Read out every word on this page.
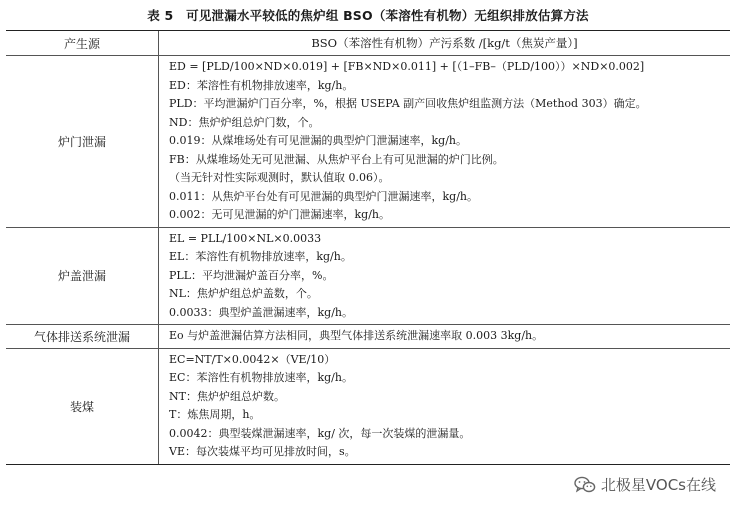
表 5　可见泄漏水平较低的焦炉组 BSO（苯溶性有机物）无组织排放估算方法
产生源	BSO（苯溶性有机物）产污系数 /[kg/t（焦炭产量）]
炉门泄漏
ED = [PLD/100×ND×0.019] + [FB×ND×0.011] + [（1–FB–（PLD/100））×ND×0.002]
ED：苯溶性有机物排放速率，kg/h。
PLD：平均泄漏炉门百分率，%，根据 USEPA 副产回收焦炉组监测方法（Method 303）确定。
ND：焦炉炉组总炉门数，个。
0.019：从煤堆场处有可见泄漏的典型炉门泄漏速率，kg/h。
FB：从煤堆场处无可见泄漏、从焦炉平台上有可见泄漏的炉门比例。
（当无针对性实际观测时，默认值取 0.06）。
0.011：从焦炉平台处有可见泄漏的典型炉门泄漏速率，kg/h。
0.002：无可见泄漏的炉门泄漏速率，kg/h。
炉盖泄漏
EL = PLL/100×NL×0.0033
EL：苯溶性有机物排放速率，kg/h。
PLL：平均泄漏炉盖百分率，%。
NL：焦炉炉组总炉盖数，个。
0.0033：典型炉盖泄漏速率，kg/h。
气体排送系统泄漏	Eo 与炉盖泄漏估算方法相同，典型气体排送系统泄漏速率取 0.003 3kg/h。
装煤
EC=NT/T×0.0042×（VE/10）
EC：苯溶性有机物排放速率，kg/h。
NT：焦炉炉组总炉数。
T：炼焦周期，h。
0.0042：典型装煤泄漏速率，kg/ 次，每一次装煤的泄漏量。
VE：每次装煤平均可见排放时间，s。
北极星VOCs在线
